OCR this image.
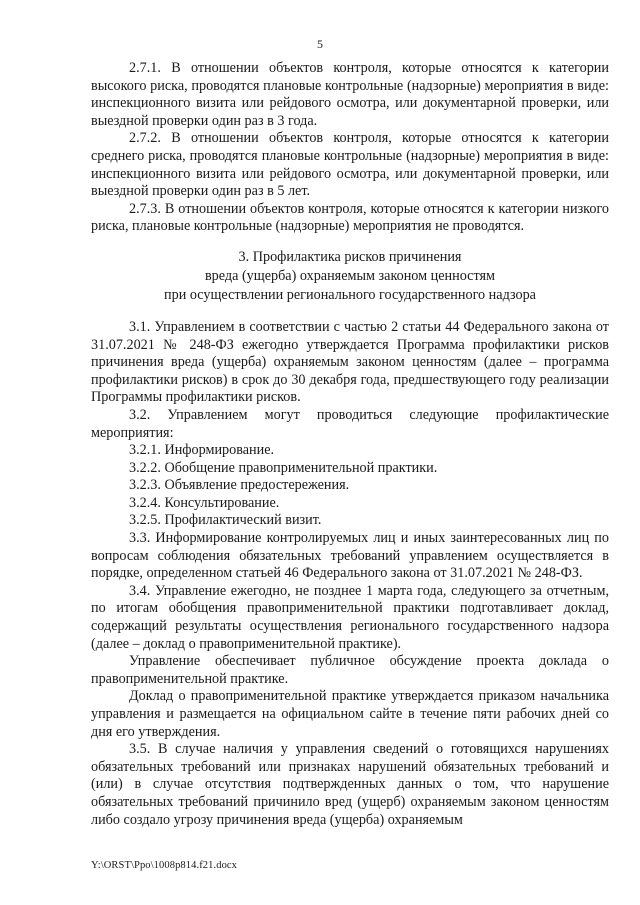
5

2.7.1. В отношении объектов контроля, которые относятся к категории высокого риска, проводятся плановые контрольные (надзорные) мероприятия в виде: инспекционного визита или рейдового осмотра, или документарной проверки, или выездной проверки один раз в 3 года.

2.7.2. В отношении объектов контроля, которые относятся к категории среднего риска, проводятся плановые контрольные (надзорные) мероприятия в виде: инспекционного визита или рейдового осмотра, или документарной проверки, или выездной проверки один раз в 5 лет.

2.7.3. В отношении объектов контроля, которые относятся к категории низкого риска, плановые контрольные (надзорные) мероприятия не проводятся.

3. Профилактика рисков причинения
вреда (ущерба) охраняемым законом ценностям
при осуществлении регионального государственного надзора

3.1. Управлением в соответствии с частью 2 статьи 44 Федерального закона от 31.07.2021 № 248-ФЗ ежегодно утверждается Программа профилактики рисков причинения вреда (ущерба) охраняемым законом ценностям (далее – программа профилактики рисков) в срок до 30 декабря года, предшествующего году реализации Программы профилактики рисков.

3.2. Управлением могут проводиться следующие профилактические мероприятия:

3.2.1. Информирование.

3.2.2. Обобщение правоприменительной практики.

3.2.3. Объявление предостережения.

3.2.4. Консультирование.

3.2.5. Профилактический визит.

3.3. Информирование контролируемых лиц и иных заинтересованных лиц по вопросам соблюдения обязательных требований управлением осуществляется в порядке, определенном статьей 46 Федерального закона от 31.07.2021 № 248-ФЗ.

3.4. Управление ежегодно, не позднее 1 марта года, следующего за отчетным, по итогам обобщения правоприменительной практики подготавливает доклад, содержащий результаты осуществления регионального государственного надзора (далее – доклад о правоприменительной практике).

Управление обеспечивает публичное обсуждение проекта доклада о правоприменительной практике.

Доклад о правоприменительной практике утверждается приказом начальника управления и размещается на официальном сайте в течение пяти рабочих дней со дня его утверждения.

3.5. В случае наличия у управления сведений о готовящихся нарушениях обязательных требований или признаках нарушений обязательных требований и (или) в случае отсутствия подтвержденных данных о том, что нарушение обязательных требований причинило вред (ущерб) охраняемым законом ценностям либо создало угрозу причинения вреда (ущерба) охраняемым

Y:\ORST\Ppo\1008p814.f21.docx
